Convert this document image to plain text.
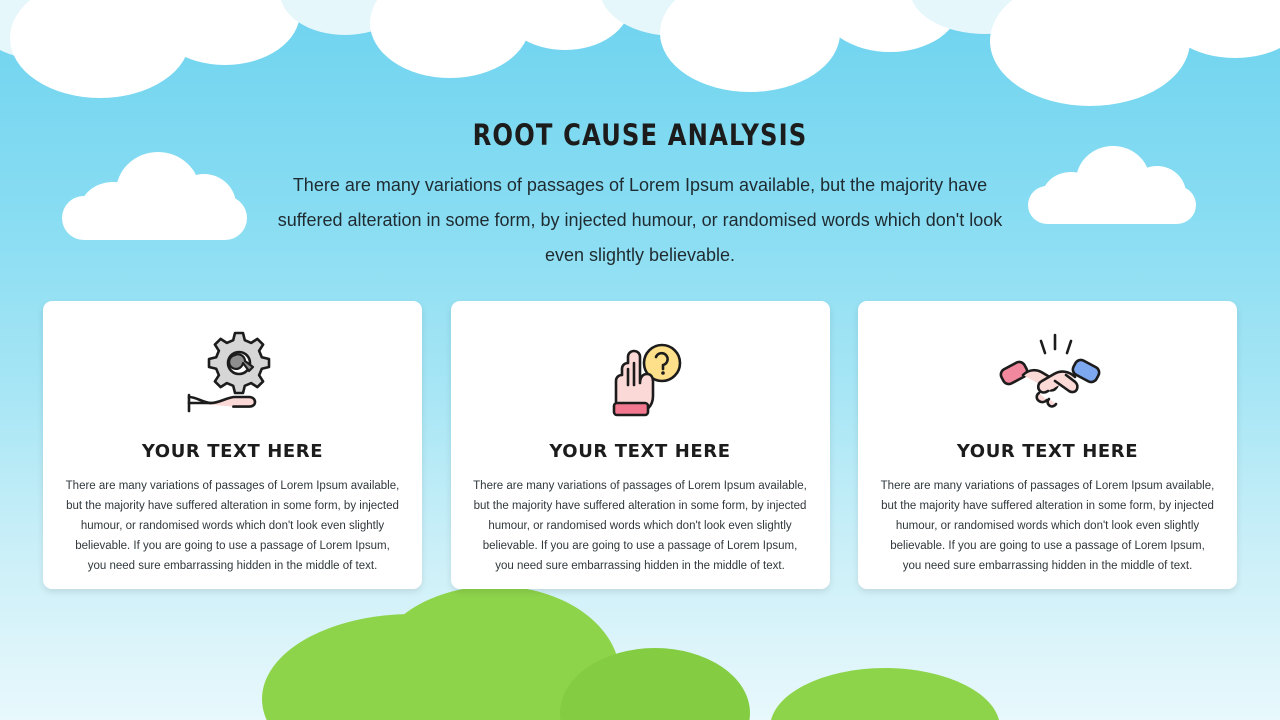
ROOT CAUSE ANALYSIS

There are many variations of passages of Lorem Ipsum available, but the majority have suffered alteration in some form, by injected humour, or randomised words which don't look even slightly believable.

YOUR TEXT HERE
There are many variations of passages of Lorem Ipsum available, but the majority have suffered alteration in some form, by injected humour, or randomised words which don't look even slightly believable. If you are going to use a passage of Lorem Ipsum, you need sure embarrassing hidden in the middle of text.
YOUR TEXT HERE
There are many variations of passages of Lorem Ipsum available, but the majority have suffered alteration in some form, by injected humour, or randomised words which don't look even slightly believable. If you are going to use a passage of Lorem Ipsum, you need sure embarrassing hidden in the middle of text.
YOUR TEXT HERE
There are many variations of passages of Lorem Ipsum available, but the majority have suffered alteration in some form, by injected humour, or randomised words which don't look even slightly believable. If you are going to use a passage of Lorem Ipsum, you need sure embarrassing hidden in the middle of text.
